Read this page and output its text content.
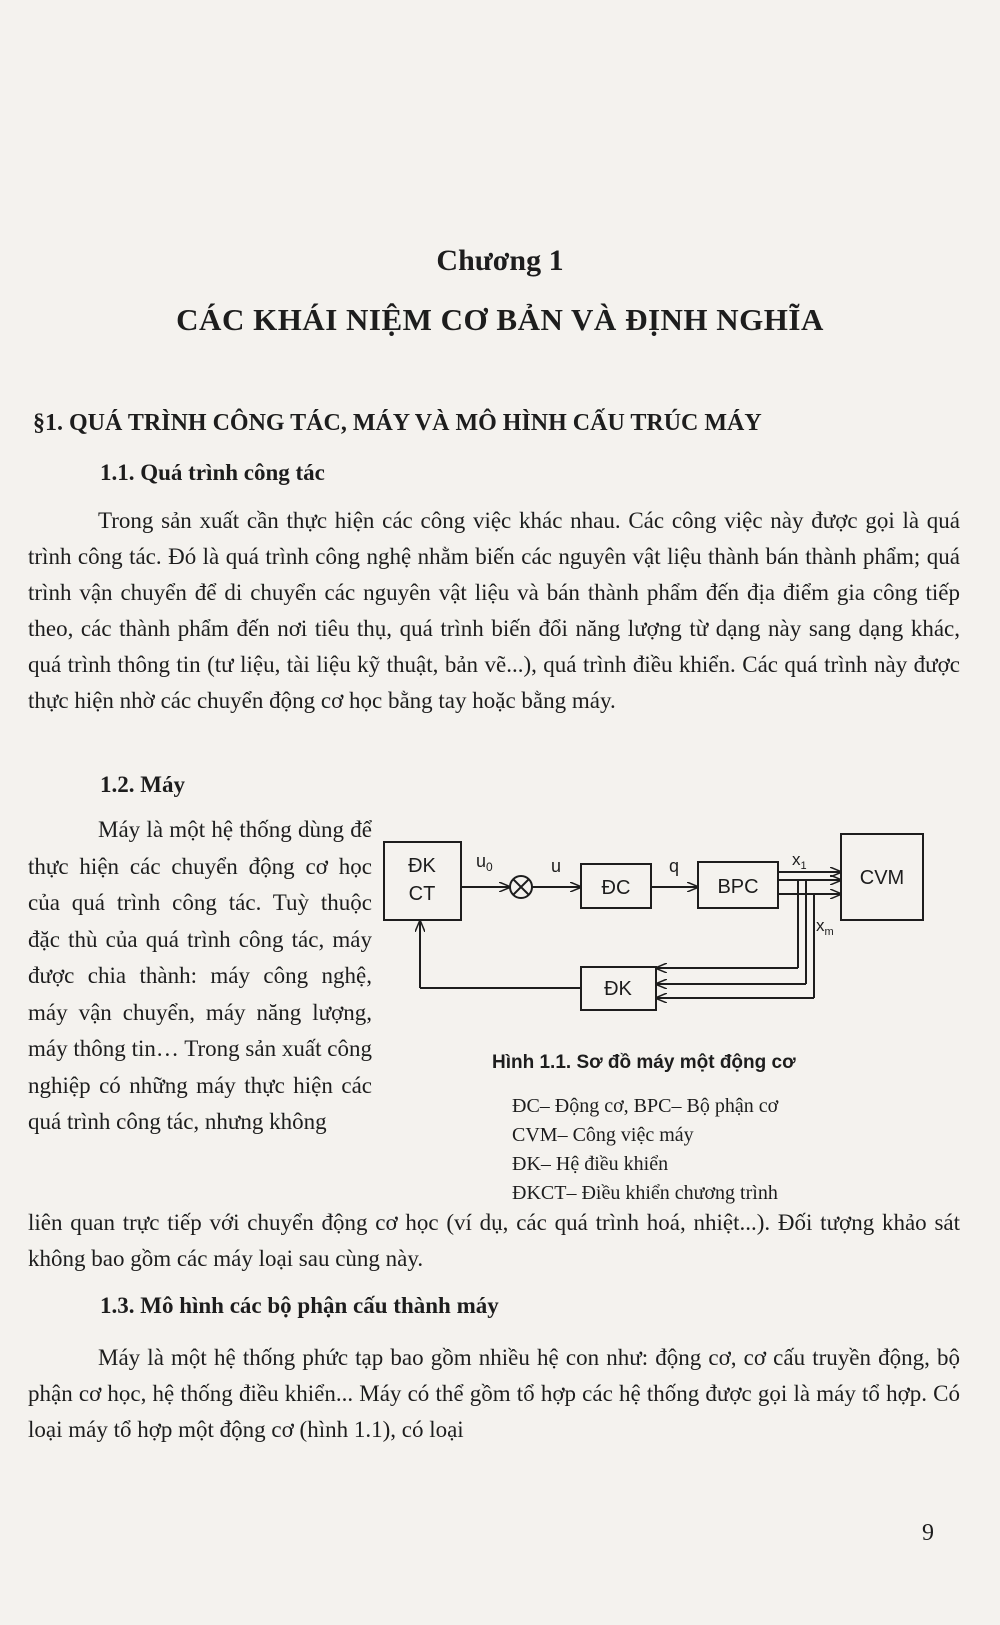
Chương 1
CÁC KHÁI NIỆM CƠ BẢN VÀ ĐỊNH NGHĨA
§1. QUÁ TRÌNH CÔNG TÁC, MÁY VÀ MÔ HÌNH CẤU TRÚC MÁY
1.1. Quá trình công tác

Trong sản xuất cần thực hiện các công việc khác nhau. Các công việc này được gọi là quá trình công tác. Đó là quá trình công nghệ nhằm biến các nguyên vật liệu thành bán thành phẩm; quá trình vận chuyển để di chuyển các nguyên vật liệu và bán thành phẩm đến địa điểm gia công tiếp theo, các thành phẩm đến nơi tiêu thụ, quá trình biến đổi năng lượng từ dạng này sang dạng khác, quá trình thông tin (tư liệu, tài liệu kỹ thuật, bản vẽ...), quá trình điều khiển. Các quá trình này được thực hiện nhờ các chuyển động cơ học bằng tay hoặc bằng máy.

1.2. Máy

Máy là một hệ thống dùng để thực hiện các chuyển động cơ học của quá trình công tác. Tuỳ thuộc đặc thù của quá trình công tác, máy được chia thành: máy công nghệ, máy vận chuyển, máy năng lượng, máy thông tin… Trong sản xuất công nghiệp có những máy thực hiện các quá trình công tác, nhưng không

ĐK
CT	ĐC	BPC	CVM
ĐK
$u_0$	u	q	$x_1$
$x_m$
Hình 1.1. Sơ đồ máy một động cơ
ĐC– Động cơ, BPC– Bộ phận cơ
CVM– Công việc máy
ĐK– Hệ điều khiển
ĐKCT– Điều khiển chương trình

liên quan trực tiếp với chuyển động cơ học (ví dụ, các quá trình hoá, nhiệt...). Đối tượng khảo sát không bao gồm các máy loại sau cùng này.

1.3. Mô hình các bộ phận cấu thành máy

Máy là một hệ thống phức tạp bao gồm nhiều hệ con như: động cơ, cơ cấu truyền động, bộ phận cơ học, hệ thống điều khiển... Máy có thể gồm tổ hợp các hệ thống được gọi là máy tổ hợp. Có loại máy tổ hợp một động cơ (hình 1.1), có loại

9
